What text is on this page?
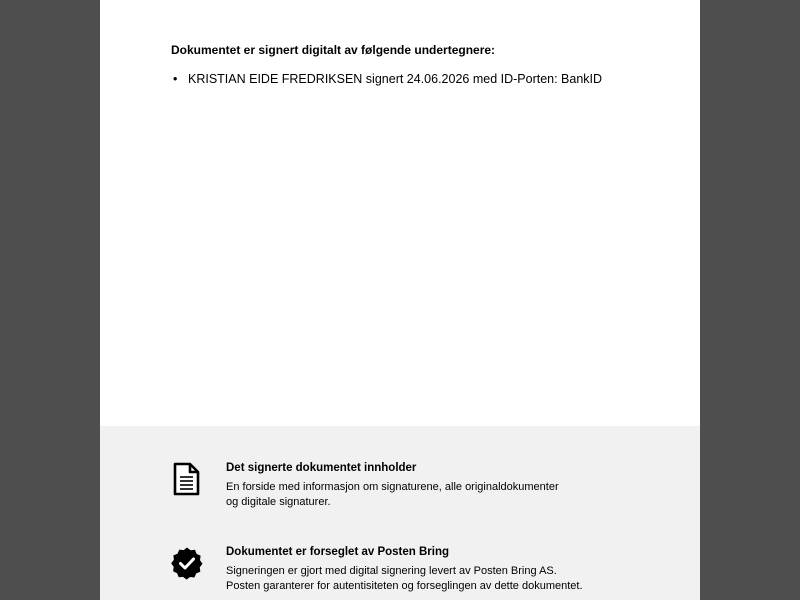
Dokumentet er signert digitalt av følgende undertegnere:
• KRISTIAN EIDE FREDRIKSEN signert 24.06.2026 med ID-Porten: BankID
Det signerte dokumentet innholder
En forside med informasjon om signaturene, alle originaldokumenter
og digitale signaturer.
Dokumentet er forseglet av Posten Bring
Signeringen er gjort med digital signering levert av Posten Bring AS.
Posten garanterer for autentisiteten og forseglingen av dette dokumentet.
